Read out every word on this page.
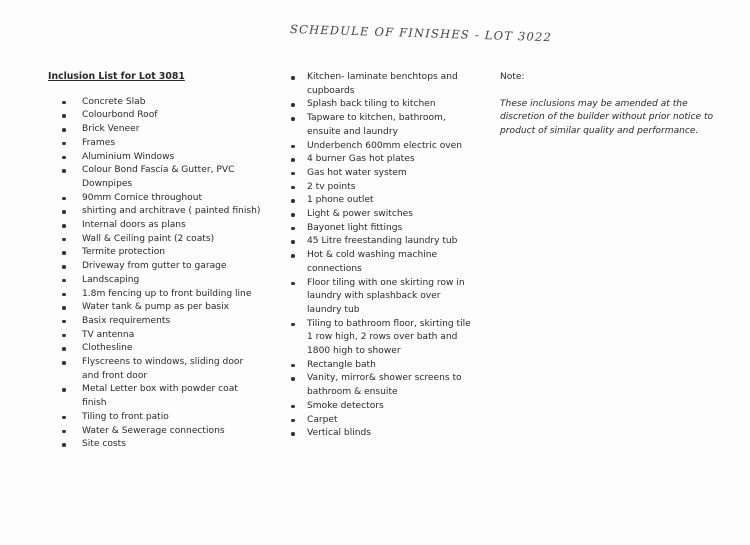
SCHEDULE OF FINISHES - LOT 3022

Inclusion List for Lot 3081

Concrete Slab
Colourbond Roof
Brick Veneer
Frames
Aluminium Windows
Colour Bond Fascia & Gutter, PVC Downpipes
90mm Cornice throughout
shirting and architrave ( painted finish)
Internal doors as plans
Wall & Ceiling paint (2 coats)
Termite protection
Driveway from gutter to garage
Landscaping
1.8m fencing up to front building line
Water tank & pump as per basix
Basix requirements
TV antenna
Clothesline
Flyscreens to windows, sliding door and front door
Metal Letter box with powder coat finish
Tiling to front patio
Water & Sewerage connections
Site costs
Kitchen- laminate benchtops and cupboards
Splash back tiling to kitchen
Tapware to kitchen, bathroom, ensuite and laundry
Underbench 600mm electric oven
4 burner Gas hot plates
Gas hot water system
2 tv points
1 phone outlet
Light & power switches
Bayonet light fittings
45 Litre freestanding laundry tub
Hot & cold washing machine connections
Floor tiling with one skirting row in laundry with splashback over laundry tub
Tiling to bathroom floor, skirting tile 1 row high, 2 rows over bath and 1800 high to shower
Rectangle bath
Vanity, mirror& shower screens to bathroom & ensuite
Smoke detectors
Carpet
Vertical blinds

Note:

These inclusions may be amended at the discretion of the builder without prior notice to product of similar quality and performance.
